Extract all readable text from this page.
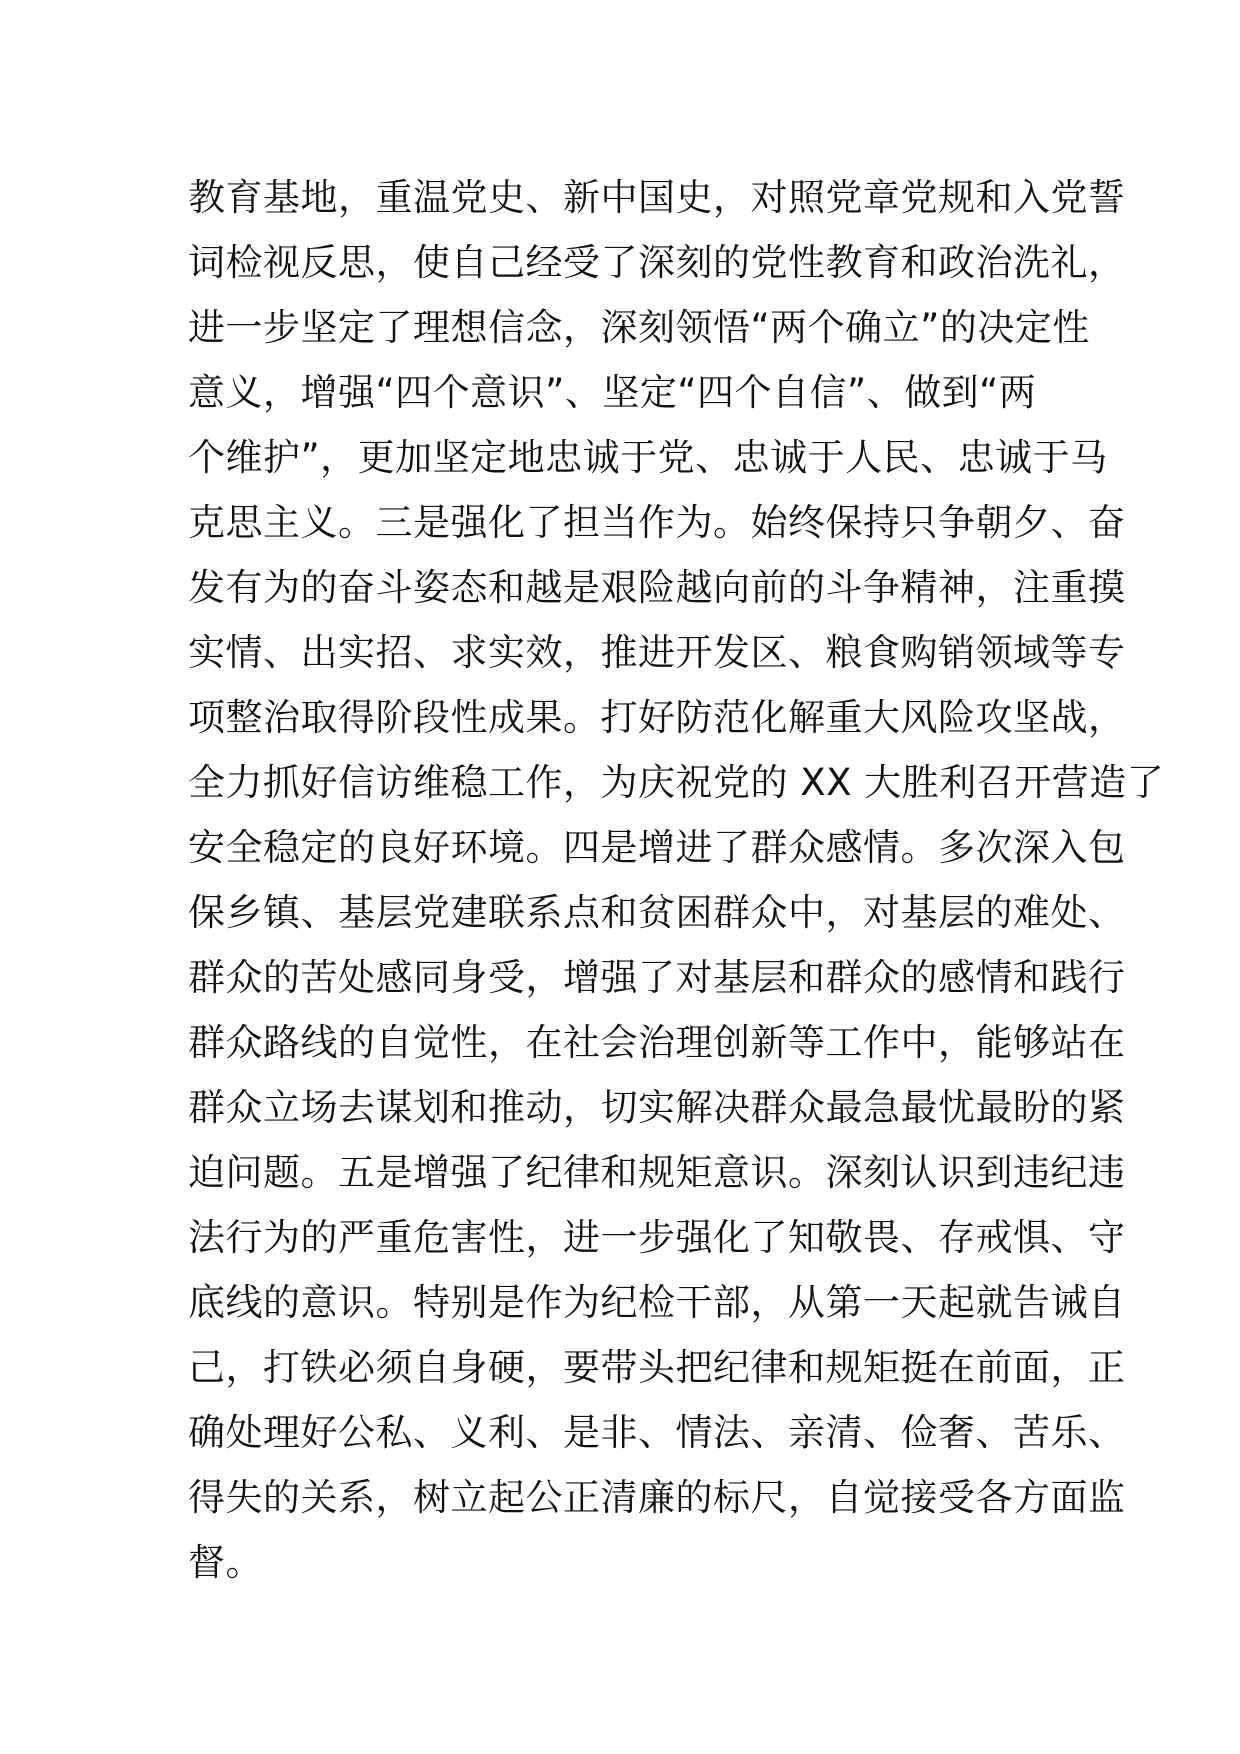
教育基地，重温党史、新中国史，对照党章党规和入党誓
词检视反思，使自己经受了深刻的党性教育和政治洗礼，
进一步坚定了理想信念，深刻领悟“两个确立”的决定性
意义，增强“四个意识”、坚定“四个自信”、做到“两
个维护”，更加坚定地忠诚于党、忠诚于人民、忠诚于马
克思主义。三是强化了担当作为。始终保持只争朝夕、奋
发有为的奋斗姿态和越是艰险越向前的斗争精神，注重摸
实情、出实招、求实效，推进开发区、粮食购销领域等专
项整治取得阶段性成果。打好防范化解重大风险攻坚战，
全力抓好信访维稳工作，为庆祝党的 XX 大胜利召开营造了
安全稳定的良好环境。四是增进了群众感情。多次深入包
保乡镇、基层党建联系点和贫困群众中，对基层的难处、
群众的苦处感同身受，增强了对基层和群众的感情和践行
群众路线的自觉性，在社会治理创新等工作中，能够站在
群众立场去谋划和推动，切实解决群众最急最忧最盼的紧
迫问题。五是增强了纪律和规矩意识。深刻认识到违纪违
法行为的严重危害性，进一步强化了知敬畏、存戒惧、守
底线的意识。特别是作为纪检干部，从第一天起就告诫自
己，打铁必须自身硬，要带头把纪律和规矩挺在前面，正
确处理好公私、义利、是非、情法、亲清、俭奢、苦乐、
得失的关系，树立起公正清廉的标尺，自觉接受各方面监
督。
